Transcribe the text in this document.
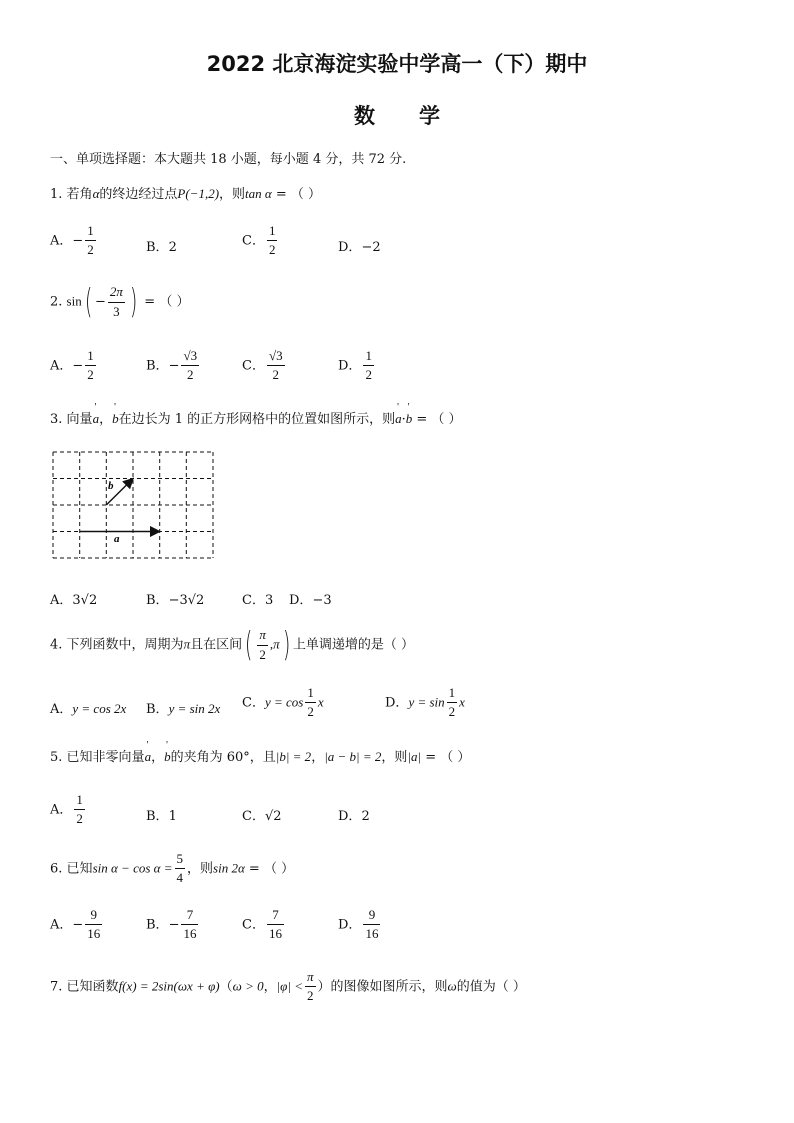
2022 北京海淀实验中学高一（下）期中
数学
一、单项选择题：本大题共 18 小题，每小题 4 分，共 72 分.
1. 若角α的终边经过点P(−1,2)，则tan α = （ ）
A．− $\frac{1}{2}$	B．2	C． $\frac{1}{2}$	D．−2
2. $\sin( - \frac{2\pi}{3}$ ) = （ ）
A．− $\frac{1}{2}$	B．− $\frac{√3}{2}$	C． $\frac{√3}{2}$	D． $\frac{1}{2}$
3. 向量' a，' b在边长为 1 的正方形网格中的位置如图所示，则' a·' b = （ ）
a
b
A．3√2	B．−3√2	C．3 D．−3
4. 下列函数中，周期为π且在区间( $\frac{\pi}{2} ,\pi$) 上单调递增的是（ ）
A．y = cos 2x B．y = sin 2x C．$y = \cos \frac{1}{2}$ x	D．$y = \sin \frac{1}{2}$ x
5. 已知非零向量' a，' b的夹角为 60°，且|b| = 2，|a − b| = 2，则|a| = （ ）
A． $\frac{1}{2}$	B．1	C．√2	D．2
6. 已知$\sin \alpha - \cos \alpha = \frac{5}{4}$ ，则sin 2α = （ ）
A．− $\frac{9}{16}$	B．− $\frac{7}{16}$	C． $\frac{7}{16}$	D． $\frac{9}{16}$
7. 已知函数f(x) = 2sin(ωx + φ)（ω > 0，$|\varphi| < \frac{\pi}{2}$ ）的图像如图所示，则ω的值为（ ）
